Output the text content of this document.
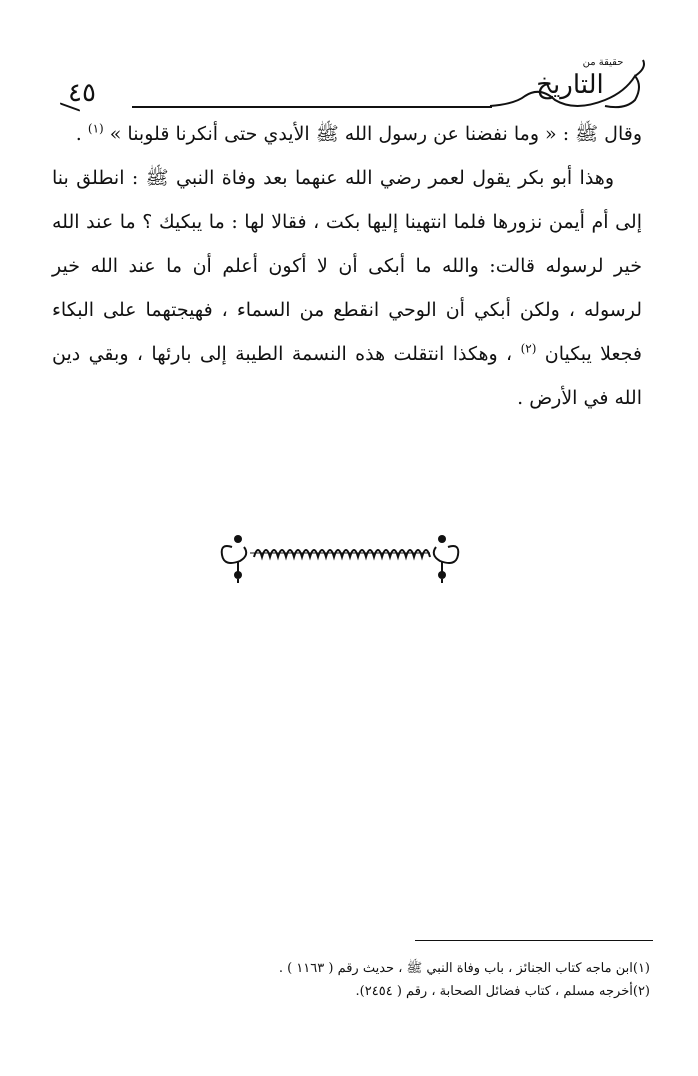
٤٥
حقيقة من
التاريخ

وقال ﷺ : « وما نفضنا عن رسول الله ﷺ الأيدي حتى أنكرنا قلوبنا » $^{(١)}$ .

وهذا أبو بكر يقول لعمر رضي الله عنهما بعد وفاة النبي ﷺ : انطلق بنا إلى أم أيمن نزورها فلما انتهينا إليها بكت ، فقالا لها : ما يبكيك ؟ ما عند الله خير لرسوله قالت: والله ما أبكى أن لا أكون أعلم أن ما عند الله خير لرسوله ، ولكن أبكي أن الوحي انقطع من السماء ، فهيجتهما على البكاء فجعلا يبكيان $^{(٢)}$ ، وهكذا انتقلت هذه النسمة الطيبة إلى بارئها ، وبقي دين الله في الأرض .

(١)ابن ماجه كتاب الجنائز ، باب وفاة النبي ﷺ ، حديث رقم ( ١١٦٣ ) .

(٢)أخرجه مسلم ، كتاب فضائل الصحابة ، رقم ( ٢٤٥٤).
